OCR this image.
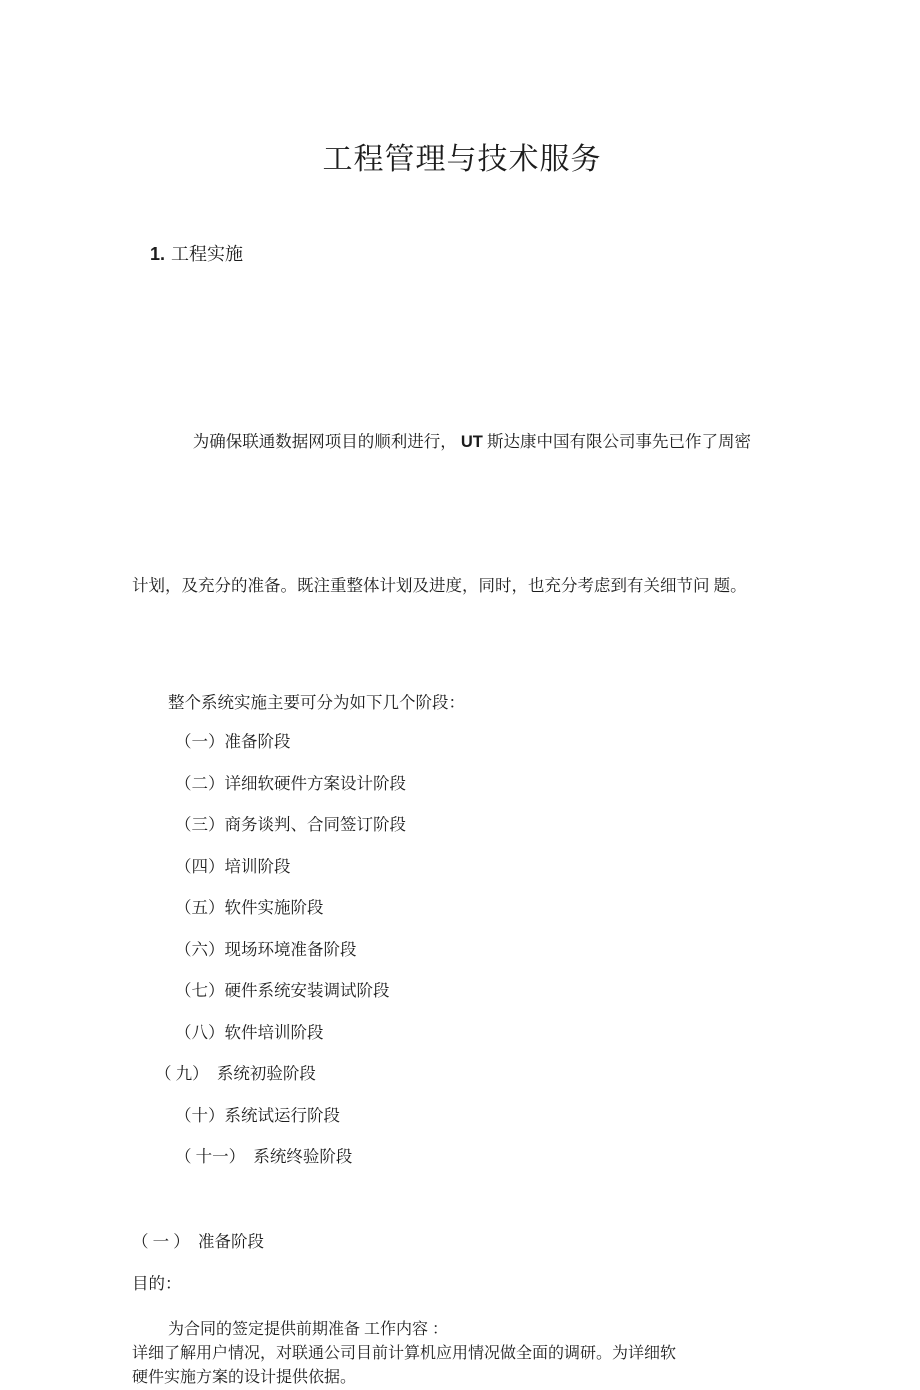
工程管理与技术服务

1. 工程实施

为确保联通数据网项目的顺利进行， UT 斯达康中国有限公司事先已作了周密

计划，及充分的准备。既注重整体计划及进度，同时，也充分考虑到有关细节问 题。

整个系统实施主要可分为如下几个阶段：
（一）准备阶段
（二）详细软硬件方案设计阶段
（三）商务谈判、合同签订阶段
（四）培训阶段
（五）软件实施阶段
（六）现场环境准备阶段
（七）硬件系统安装调试阶段
（八）软件培训阶段
（ 九）　系统初验阶段
（十）系统试运行阶段
（ 十一）　系统终验阶段
（ 一 ）　准备阶段
目的：
为合同的签定提供前期准备 工作内容 ：
详细了解用户情况，对联通公司目前计算机应用情况做全面的调研。为详细软
硬件实施方案的设计提供依据。
